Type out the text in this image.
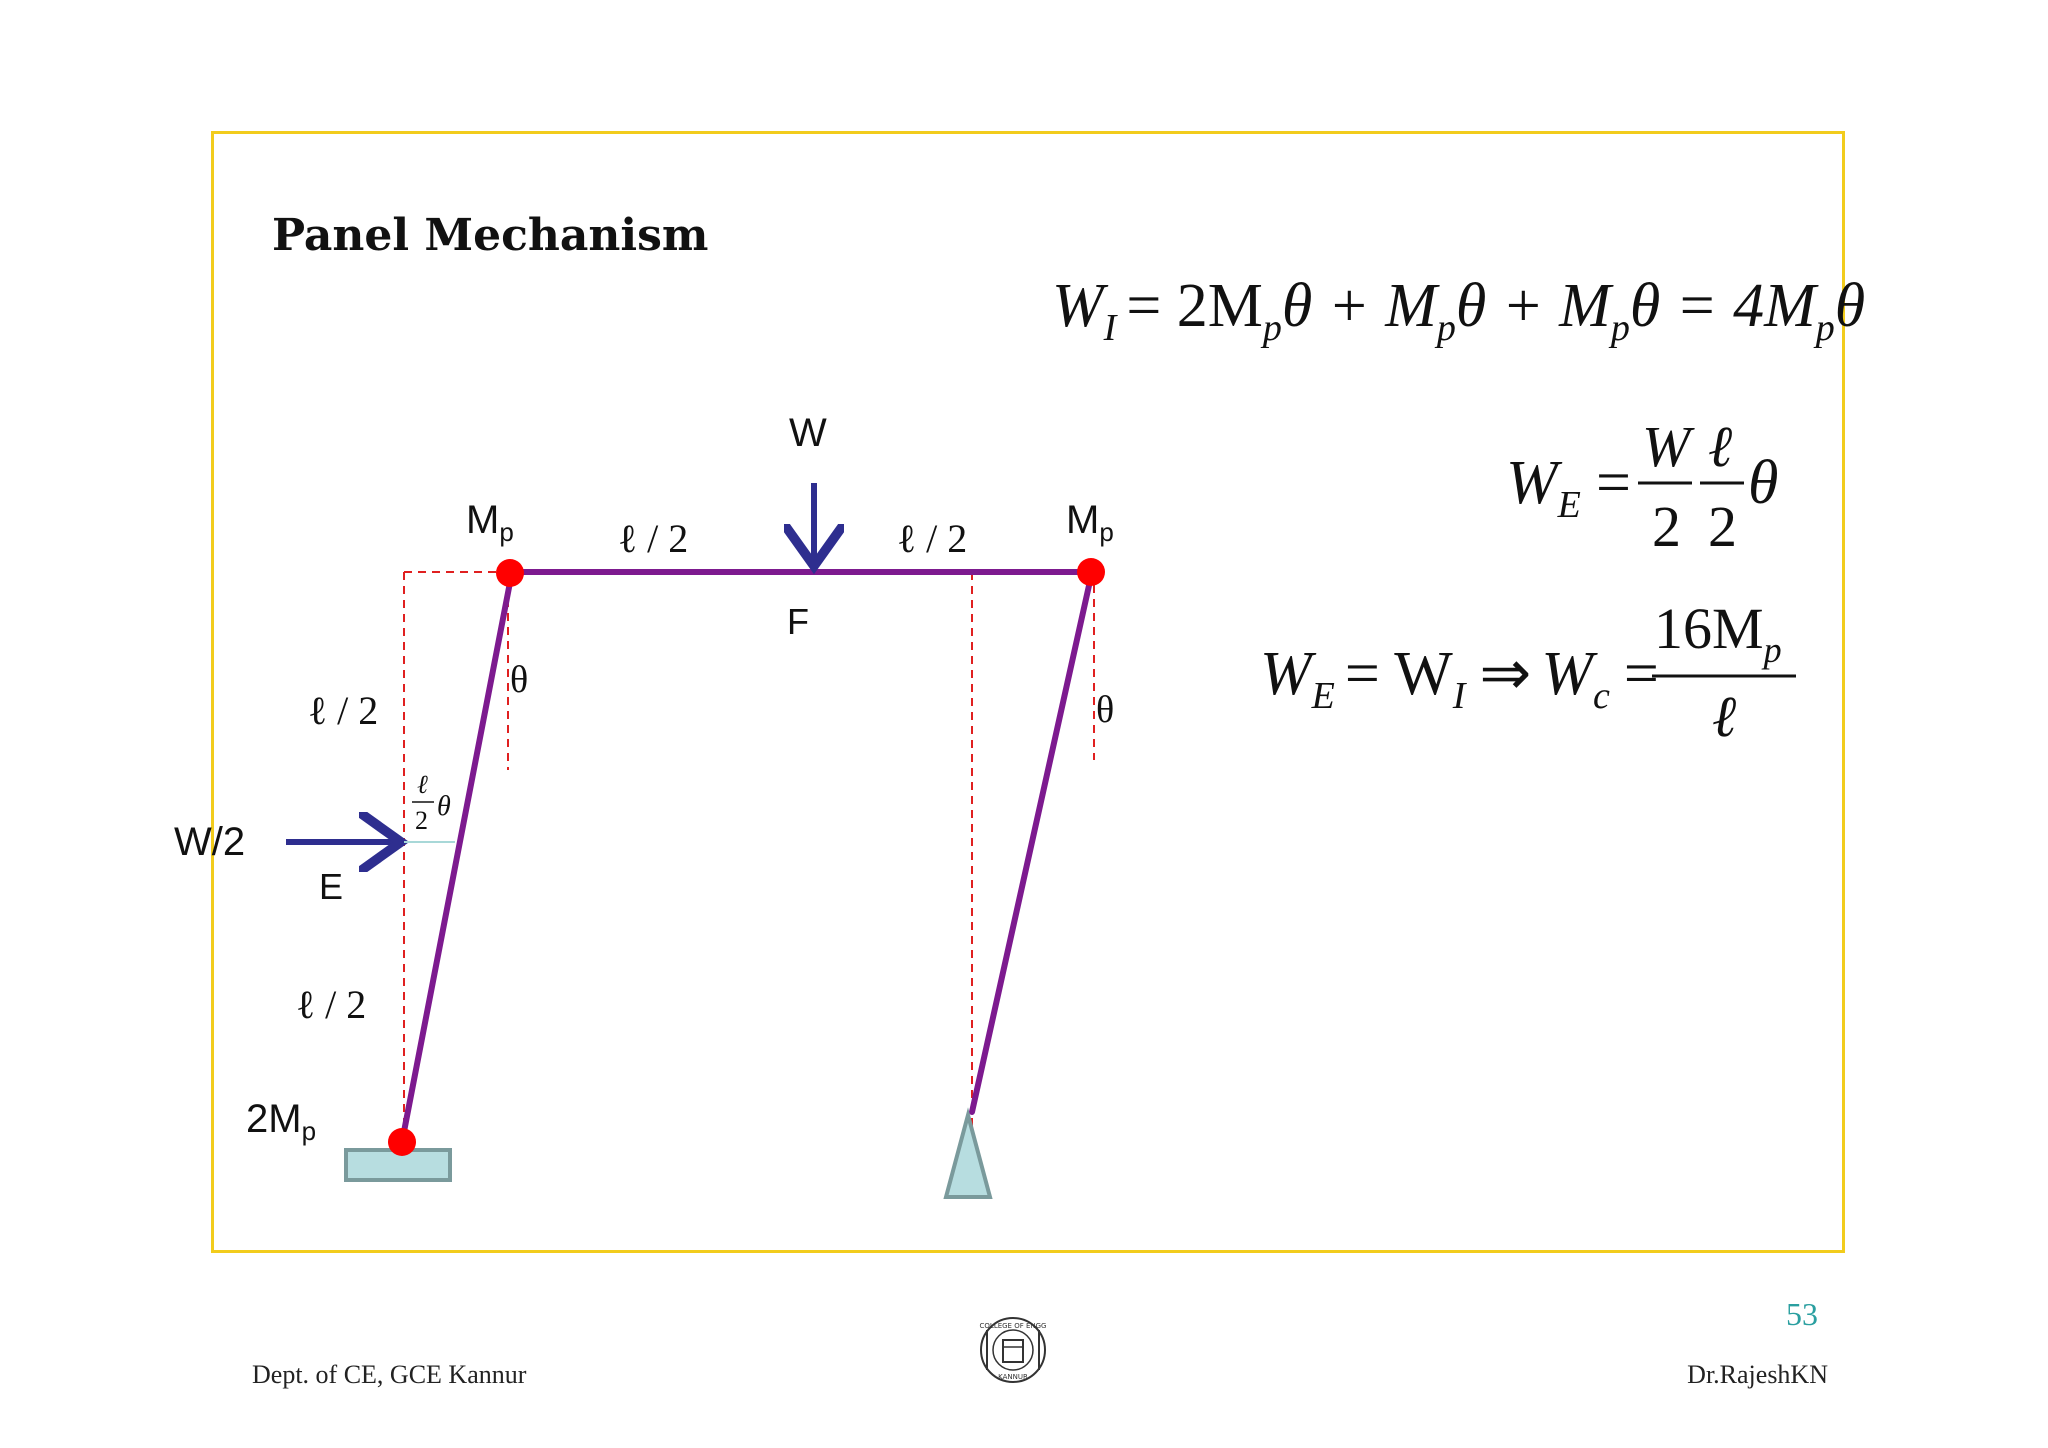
Panel Mechanism
W
W/2
F
E
$M_p$	$M_p$
$2M_p$
ℓ / 2	ℓ / 2
ℓ / 2
ℓ / 2
θ
θ
ℓ
2 θ
$W_I = 2M_p\theta + M_p\theta + M_p\theta = 4M_p\theta$
$W_E$ =
W
2
ℓ
2
θ
$W_E = W_I$ ⇒ $W_c$ =
$16M_p$
ℓ
COLLEGE OF ENGG
KANNUR
53
Dept. of CE, GCE Kannur	Dr.RajeshKN
